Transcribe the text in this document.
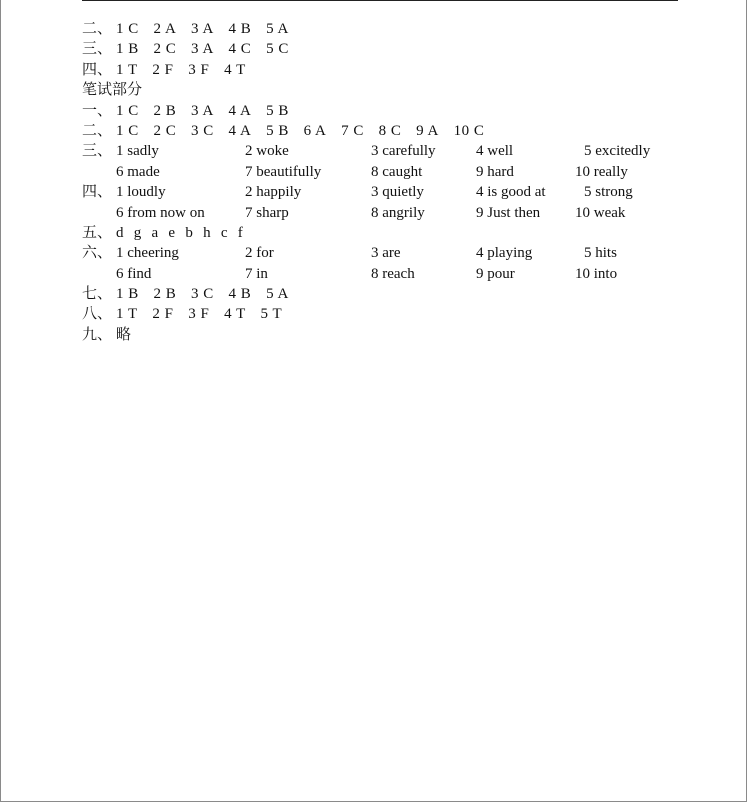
二、 1 C 2 A 3 A 4 B 5 A
三、 1 B 2 C 3 A 4 C 5 C
四、 1 T 2 F 3 F 4 T
笔试部分
一、 1 C 2 B 3 A 4 A 5 B
二、 1 C 2 C 3 C 4 A 5 B 6 A 7 C 8 C 9 A 10 C
三、 1 sadly	2 woke	3 carefully	4 well	5 excitedly
6 made	7 beautifully	8 caught	9 hard	10 really
四、 1 loudly	2 happily	3 quietly	4 is good at	5 strong
6 from now on	7 sharp	8 angrily	9 Just then 10 weak
五、 d g a e b h c f
六、 1 cheering	2 for	3 are	4 playing	5 hits
6 find	7 in	8 reach	9 pour	10 into
七、 1 B 2 B 3 C 4 B 5 A
八、 1 T 2 F 3 F 4 T 5 T
九、 略
